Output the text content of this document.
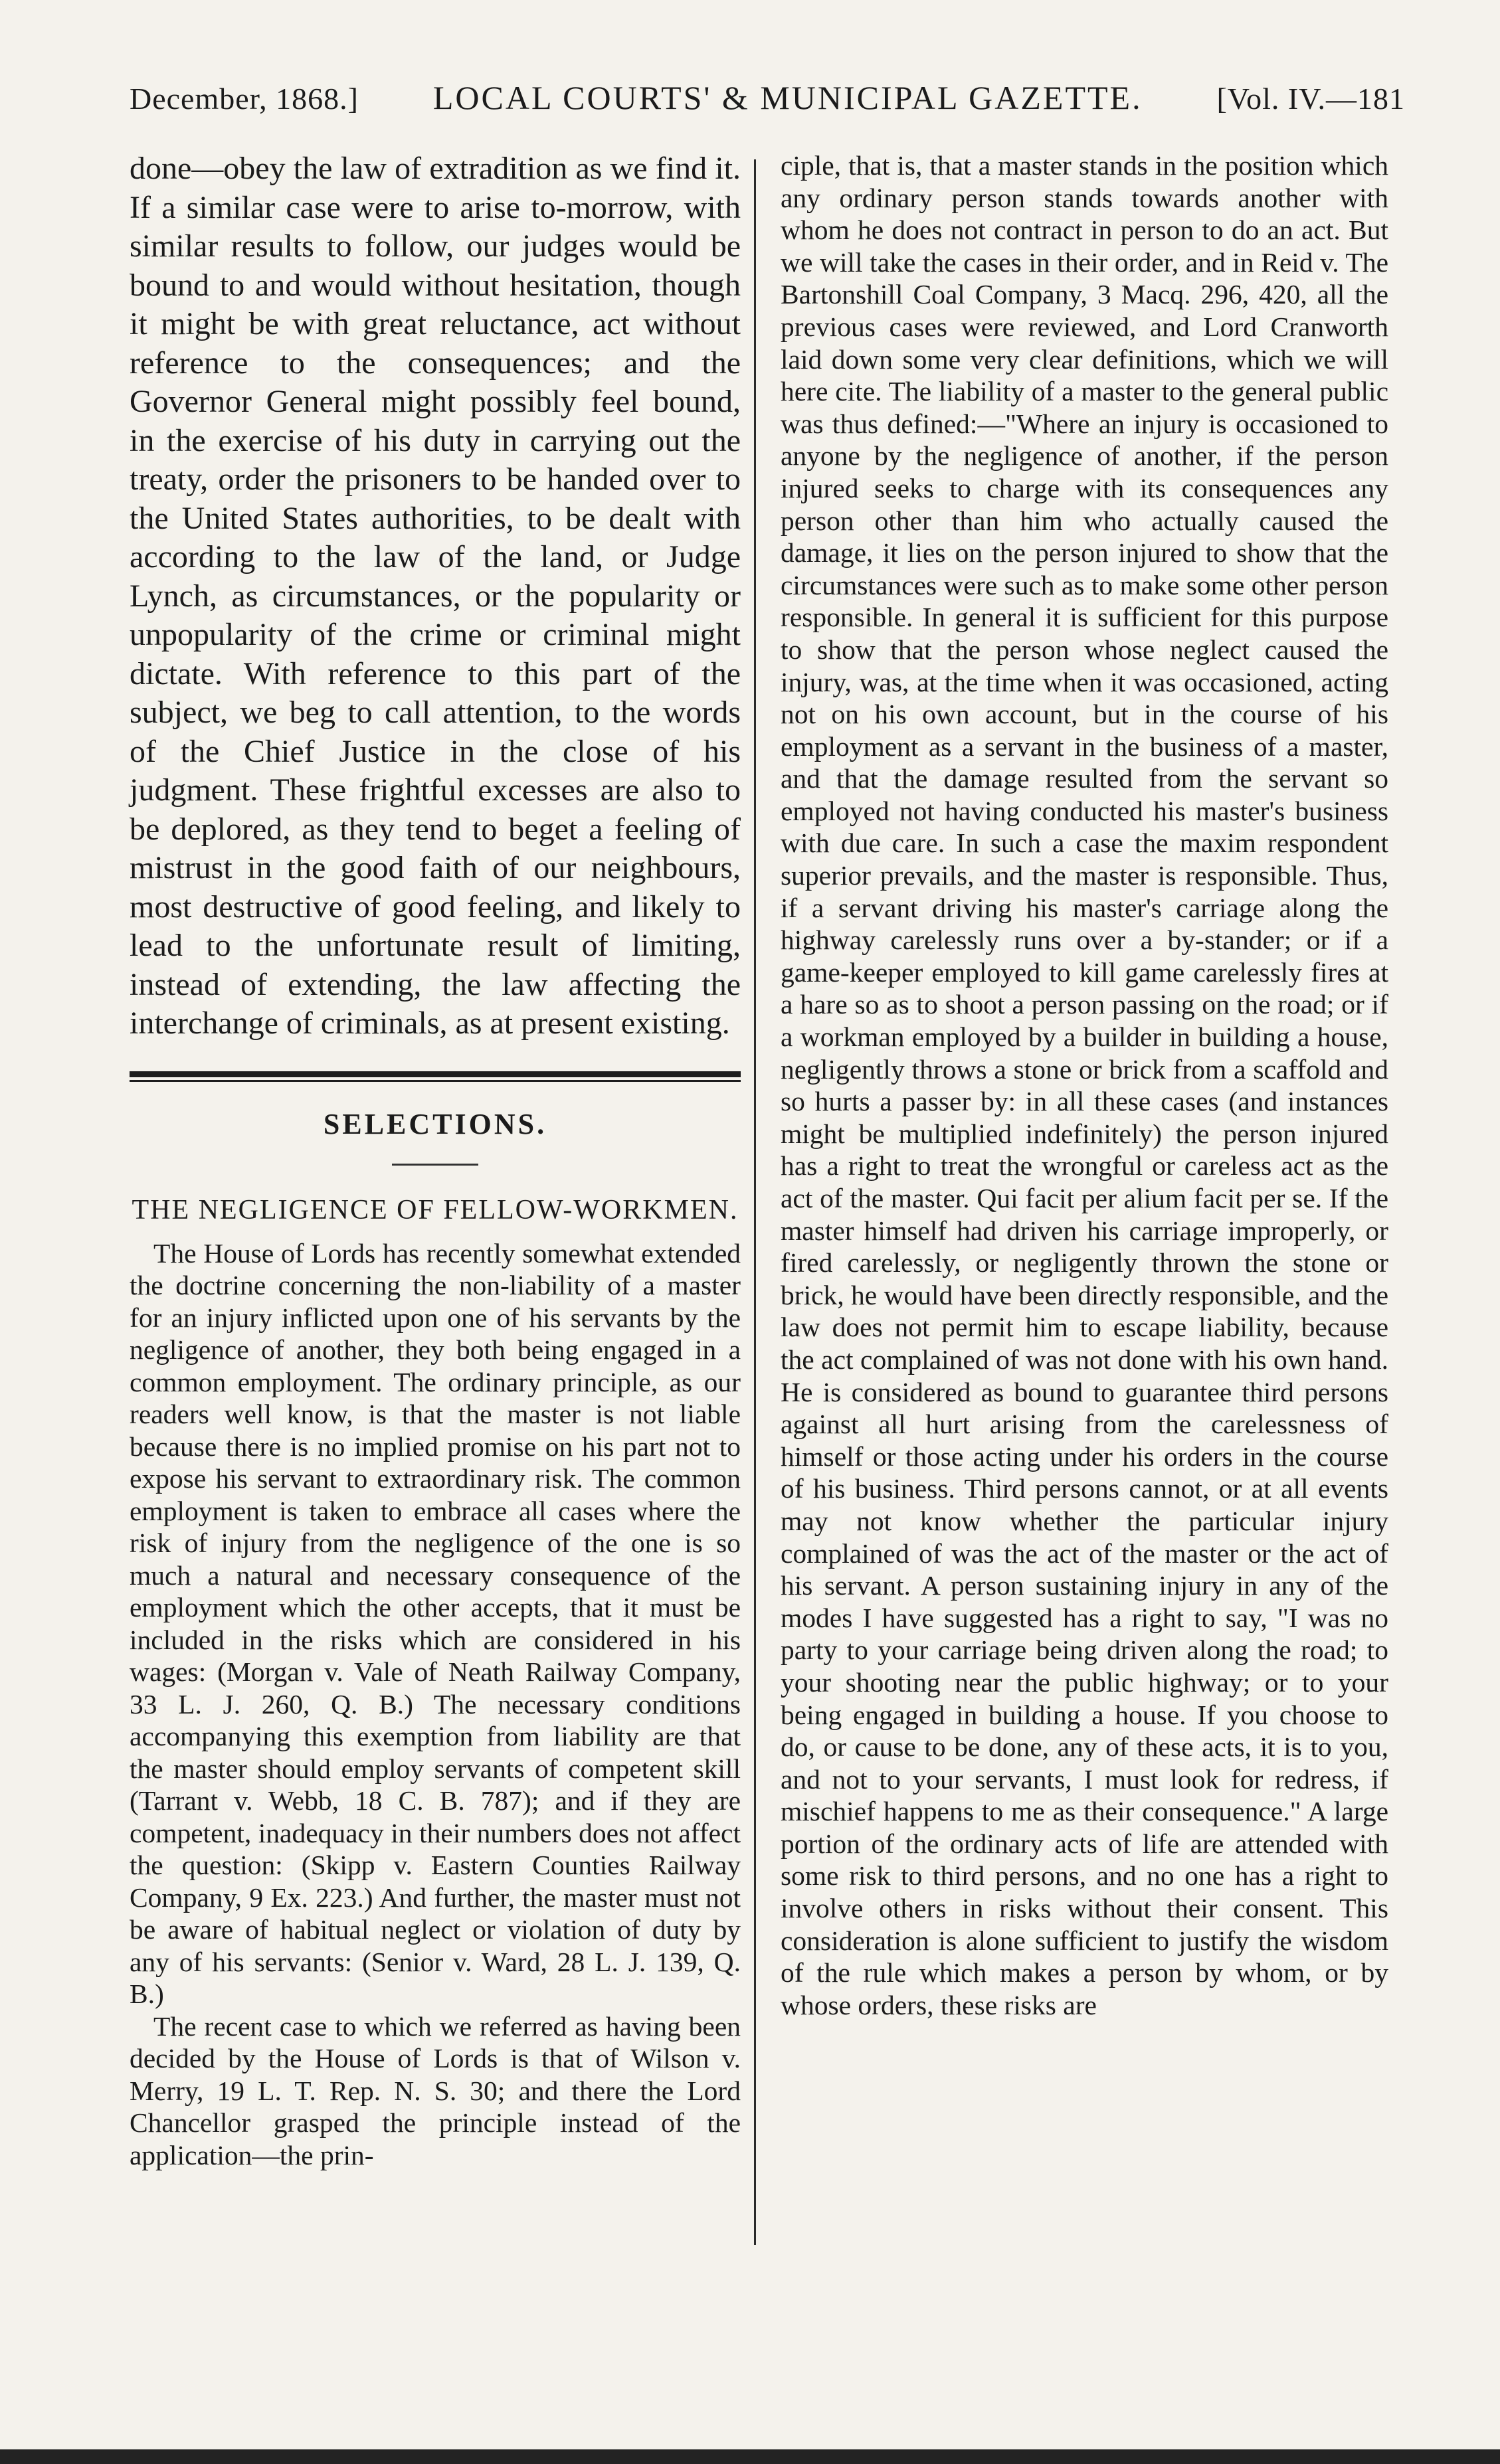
December, 1868.] LOCAL COURTS' & MUNICIPAL GAZETTE. [Vol. IV.—181

done—obey the law of extradition as we find it. If a similar case were to arise to-morrow, with similar results to follow, our judges would be bound to and would without hesitation, though it might be with great reluctance, act without reference to the consequences; and the Governor General might possibly feel bound, in the exercise of his duty in carrying out the treaty, order the prisoners to be handed over to the United States authorities, to be dealt with according to the law of the land, or Judge Lynch, as circumstances, or the popularity or unpopularity of the crime or criminal might dictate. With reference to this part of the subject, we beg to call attention, to the words of the Chief Justice in the close of his judgment. These frightful excesses are also to be deplored, as they tend to beget a feeling of mistrust in the good faith of our neighbours, most destructive of good feeling, and likely to lead to the unfortunate result of limiting, instead of extending, the law affecting the interchange of criminals, as at present existing.

SELECTIONS.
THE NEGLIGENCE OF FELLOW-WORKMEN.

The House of Lords has recently somewhat extended the doctrine concerning the non-liability of a master for an injury inflicted upon one of his servants by the negligence of another, they both being engaged in a common employment. The ordinary principle, as our readers well know, is that the master is not liable because there is no implied promise on his part not to expose his servant to extraordinary risk. The common employment is taken to embrace all cases where the risk of injury from the negligence of the one is so much a natural and necessary consequence of the employment which the other accepts, that it must be included in the risks which are considered in his wages: (Morgan v. Vale of Neath Railway Company, 33 L. J. 260, Q. B.) The necessary conditions accompanying this exemption from liability are that the master should employ servants of competent skill (Tarrant v. Webb, 18 C. B. 787); and if they are competent, inadequacy in their numbers does not affect the question: (Skipp v. Eastern Counties Railway Company, 9 Ex. 223.) And further, the master must not be aware of habitual neglect or violation of duty by any of his servants: (Senior v. Ward, 28 L. J. 139, Q. B.)

The recent case to which we referred as having been decided by the House of Lords is that of Wilson v. Merry, 19 L. T. Rep. N. S. 30; and there the Lord Chancellor grasped the principle instead of the application—the prin-

ciple, that is, that a master stands in the position which any ordinary person stands towards another with whom he does not contract in person to do an act. But we will take the cases in their order, and in Reid v. The Bartonshill Coal Company, 3 Macq. 296, 420, all the previous cases were reviewed, and Lord Cranworth laid down some very clear definitions, which we will here cite. The liability of a master to the general public was thus defined:—"Where an injury is occasioned to anyone by the negligence of another, if the person injured seeks to charge with its consequences any person other than him who actually caused the damage, it lies on the person injured to show that the circumstances were such as to make some other person responsible. In general it is sufficient for this purpose to show that the person whose neglect caused the injury, was, at the time when it was occasioned, acting not on his own account, but in the course of his employment as a servant in the business of a master, and that the damage resulted from the servant so employed not having conducted his master's business with due care. In such a case the maxim respondent superior prevails, and the master is responsible. Thus, if a servant driving his master's carriage along the highway carelessly runs over a by-stander; or if a game-keeper employed to kill game carelessly fires at a hare so as to shoot a person passing on the road; or if a workman employed by a builder in building a house, negligently throws a stone or brick from a scaffold and so hurts a passer by: in all these cases (and instances might be multiplied indefinitely) the person injured has a right to treat the wrongful or careless act as the act of the master. Qui facit per alium facit per se. If the master himself had driven his carriage improperly, or fired carelessly, or negligently thrown the stone or brick, he would have been directly responsible, and the law does not permit him to escape liability, because the act complained of was not done with his own hand. He is considered as bound to guarantee third persons against all hurt arising from the carelessness of himself or those acting under his orders in the course of his business. Third persons cannot, or at all events may not know whether the particular injury complained of was the act of the master or the act of his servant. A person sustaining injury in any of the modes I have suggested has a right to say, "I was no party to your carriage being driven along the road; to your shooting near the public highway; or to your being engaged in building a house. If you choose to do, or cause to be done, any of these acts, it is to you, and not to your servants, I must look for redress, if mischief happens to me as their consequence." A large portion of the ordinary acts of life are attended with some risk to third persons, and no one has a right to involve others in risks without their consent. This consideration is alone sufficient to justify the wisdom of the rule which makes a person by whom, or by whose orders, these risks are
